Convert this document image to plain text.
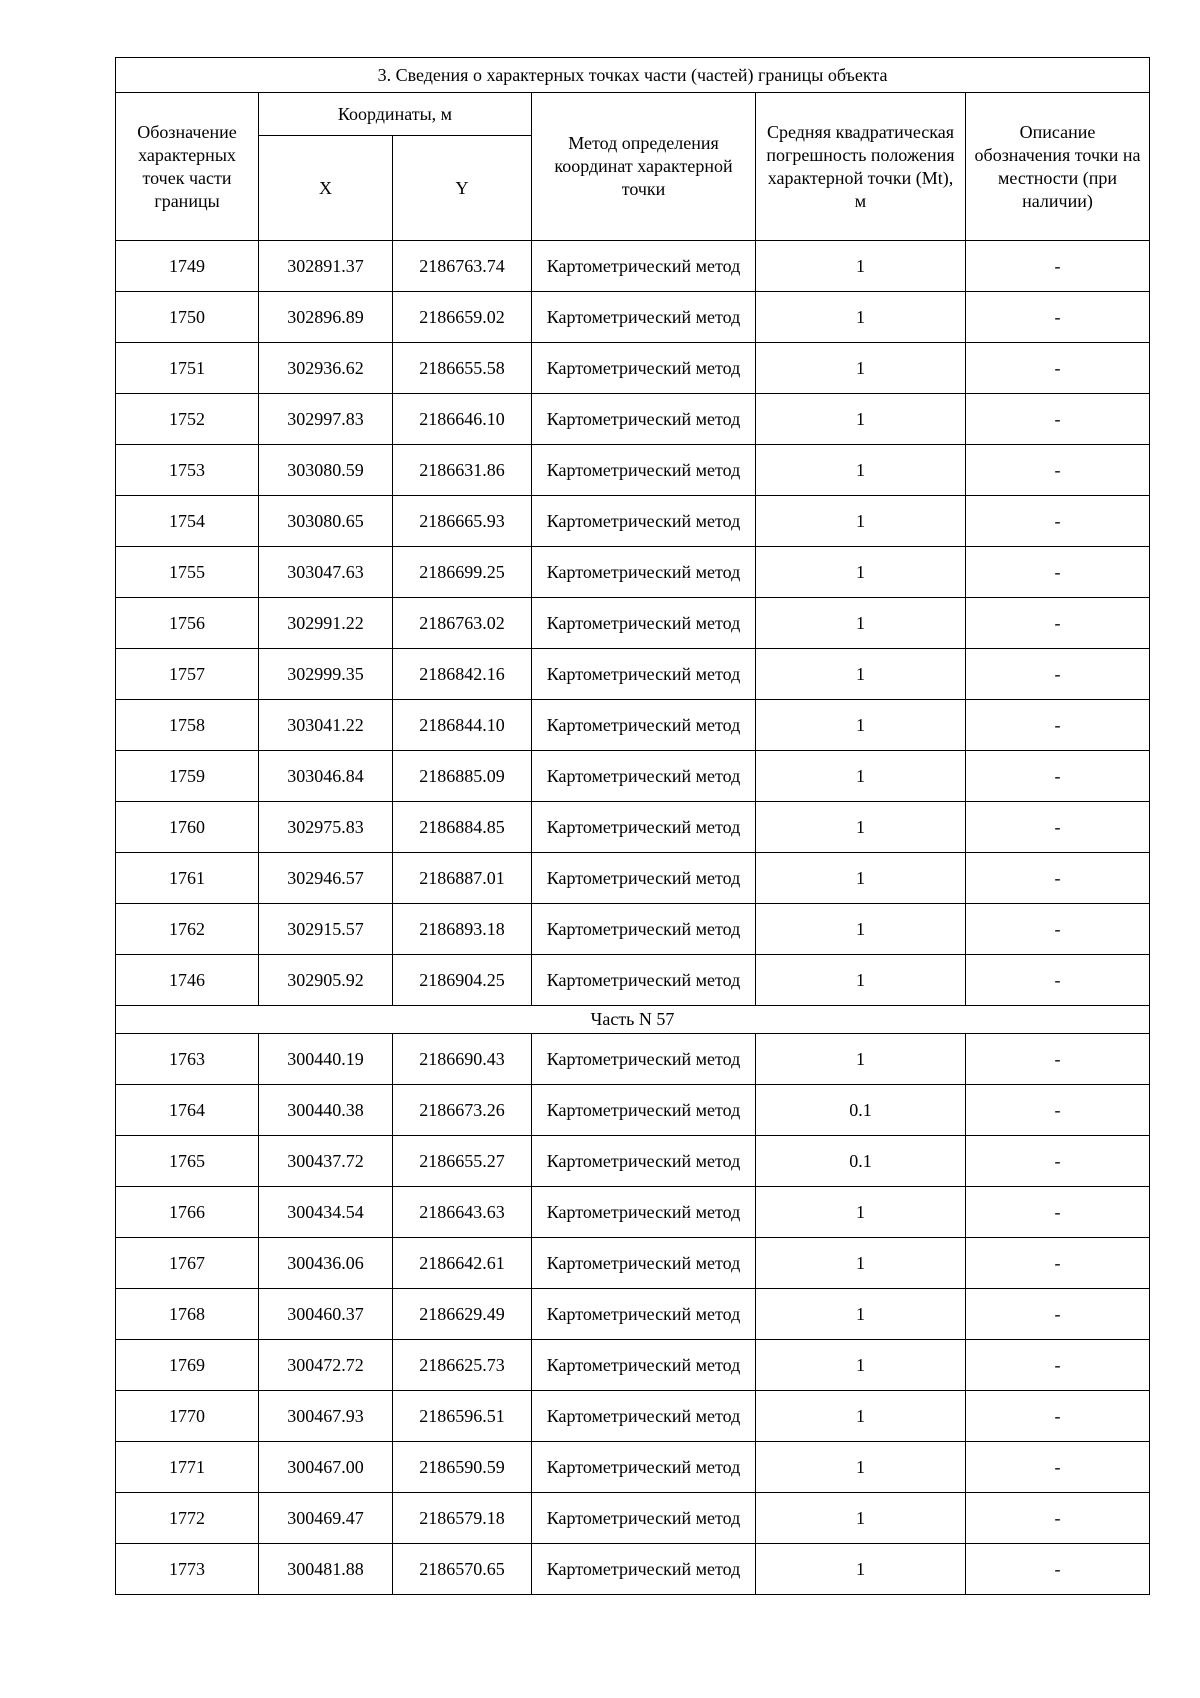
3. Сведения о характерных точках части (частей) границы объекта					
Обозначение характерных точек части границы	Координаты, м		Метод определения координат характерной точки	Средняя квадратическая погрешность положения характерной точки (Mt), м	Описание обозначения точки на местности (при наличии)
	X	Y			
1749	302891.37	2186763.74	Картометрический метод	1	-
1750	302896.89	2186659.02	Картометрический метод	1	-
1751	302936.62	2186655.58	Картометрический метод	1	-
1752	302997.83	2186646.10	Картометрический метод	1	-
1753	303080.59	2186631.86	Картометрический метод	1	-
1754	303080.65	2186665.93	Картометрический метод	1	-
1755	303047.63	2186699.25	Картометрический метод	1	-
1756	302991.22	2186763.02	Картометрический метод	1	-
1757	302999.35	2186842.16	Картометрический метод	1	-
1758	303041.22	2186844.10	Картометрический метод	1	-
1759	303046.84	2186885.09	Картометрический метод	1	-
1760	302975.83	2186884.85	Картометрический метод	1	-
1761	302946.57	2186887.01	Картометрический метод	1	-
1762	302915.57	2186893.18	Картометрический метод	1	-
1746	302905.92	2186904.25	Картометрический метод	1	-
Часть N 57					
1763	300440.19	2186690.43	Картометрический метод	1	-
1764	300440.38	2186673.26	Картометрический метод	0.1	-
1765	300437.72	2186655.27	Картометрический метод	0.1	-
1766	300434.54	2186643.63	Картометрический метод	1	-
1767	300436.06	2186642.61	Картометрический метод	1	-
1768	300460.37	2186629.49	Картометрический метод	1	-
1769	300472.72	2186625.73	Картометрический метод	1	-
1770	300467.93	2186596.51	Картометрический метод	1	-
1771	300467.00	2186590.59	Картометрический метод	1	-
1772	300469.47	2186579.18	Картометрический метод	1	-
1773	300481.88	2186570.65	Картометрический метод	1	-
